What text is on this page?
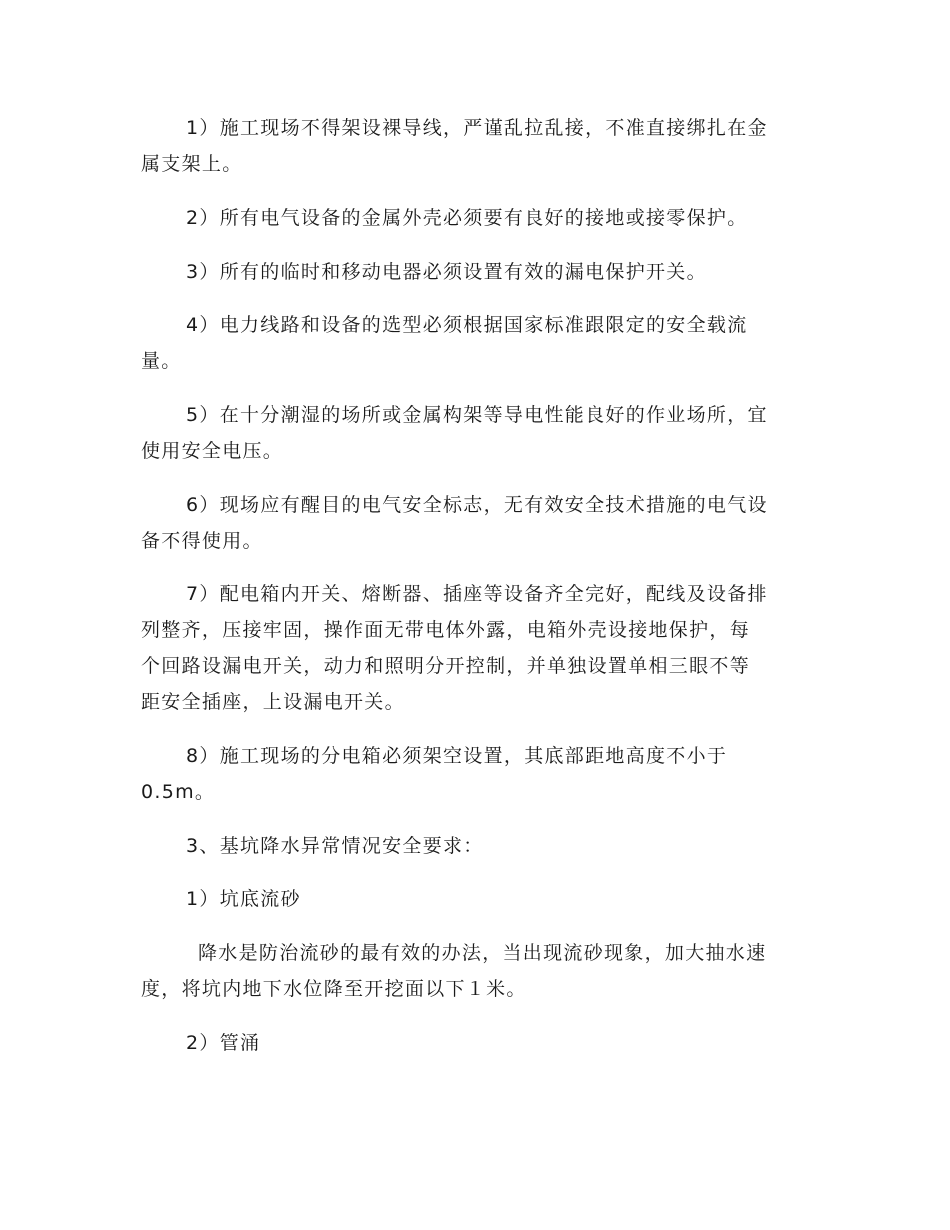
1）施工现场不得架设裸导线，严谨乱拉乱接，不准直接绑扎在金
属支架上。
2）所有电气设备的金属外壳必须要有良好的接地或接零保护。
3）所有的临时和移动电器必须设置有效的漏电保护开关。
4）电力线路和设备的选型必须根据国家标准跟限定的安全载流
量。
5）在十分潮湿的场所或金属构架等导电性能良好的作业场所，宜
使用安全电压。
6）现场应有醒目的电气安全标志，无有效安全技术措施的电气设
备不得使用。
7）配电箱内开关、熔断器、插座等设备齐全完好，配线及设备排
列整齐，压接牢固，操作面无带电体外露，电箱外壳设接地保护，每
个回路设漏电开关，动力和照明分开控制，并单独设置单相三眼不等
距安全插座，上设漏电开关。
8）施工现场的分电箱必须架空设置，其底部距地高度不小于
0.5m。
3、基坑降水异常情况安全要求：
1）坑底流砂
降水是防治流砂的最有效的办法，当出现流砂现象，加大抽水速
度，将坑内地下水位降至开挖面以下１米。
2）管涌
